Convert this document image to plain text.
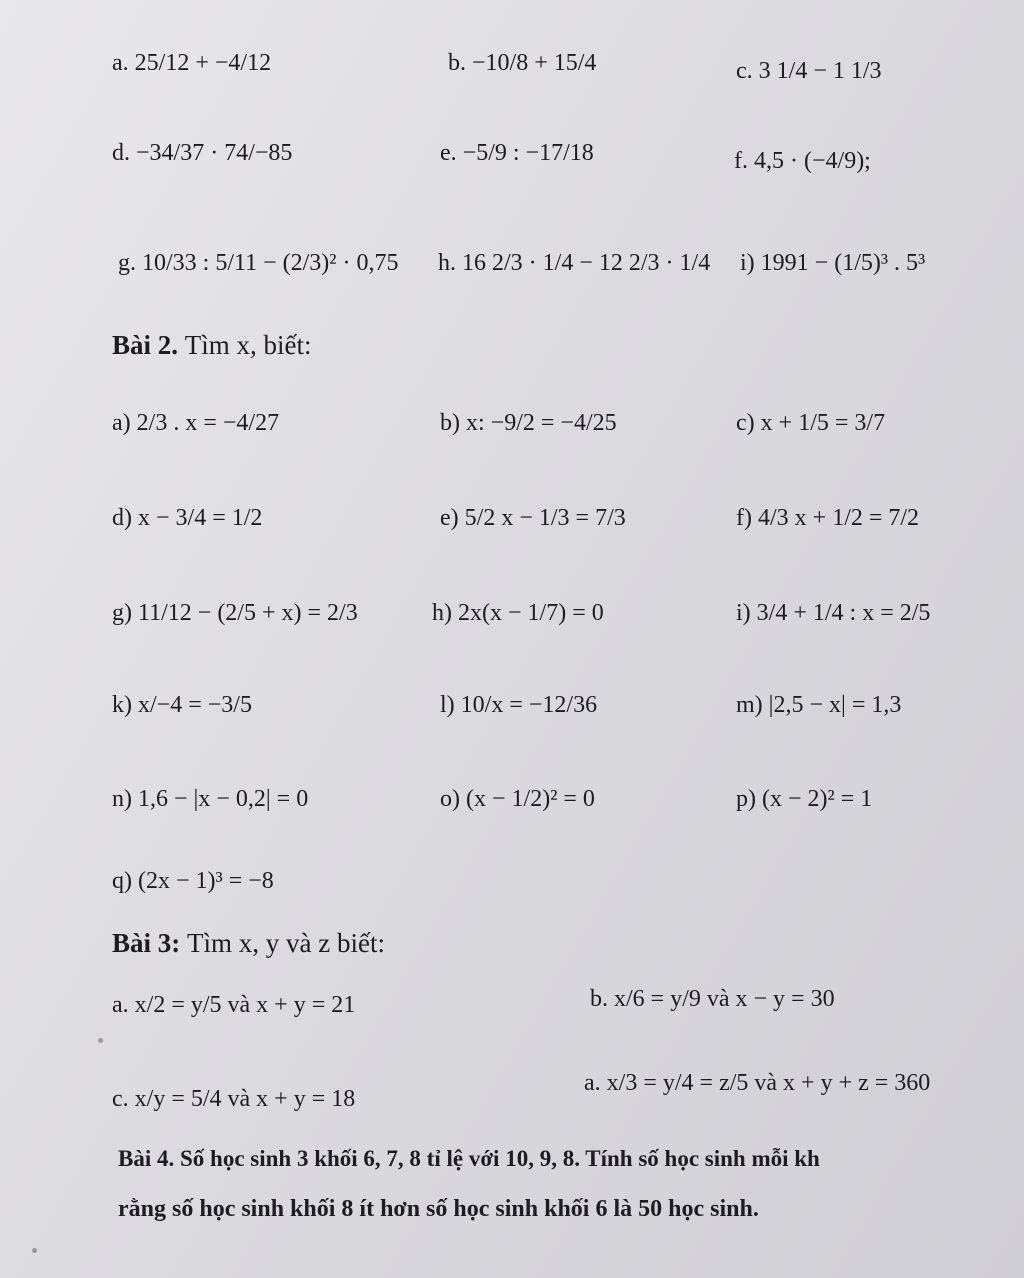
a. 25/12 + −4/12	b. −10/8 + 15/4	c. 3 1/4 − 1 1/3
d. −34/37 · 74/−85	e. −5/9 : −17/18	f. 4,5 · (−4/9);
g. 10/33 : 5/11 − (2/3)² · 0,75 h. 16 2/3 · 1/4 − 12 2/3 · 1/4 i) 1991 − (1/5)³ . 5³
Bài 2. Tìm x, biết:
a) 2/3 . x = −4/27	b) x: −9/2 = −4/25	c) x + 1/5 = 3/7
d) x − 3/4 = 1/2	e) 5/2 x − 1/3 = 7/3	f) 4/3 x + 1/2 = 7/2
g) 11/12 − (2/5 + x) = 2/3	h) 2x(x − 1/7) = 0	i) 3/4 + 1/4 : x = 2/5
k) x/−4 = −3/5	l) 10/x = −12/36	m) |2,5 − x| = 1,3
n) 1,6 − |x − 0,2| = 0	o) (x − 1/2)² = 0	p) (x − 2)² = 1
q) (2x − 1)³ = −8
Bài 3: Tìm x, y và z biết:
a. x/2 = y/5 và x + y = 21	b. x/6 = y/9 và x − y = 30
c. x/y = 5/4 và x + y = 18
a. x/3 = y/4 = z/5 và x + y + z = 360
Bài 4. Số học sinh 3 khối 6, 7, 8 tỉ lệ với 10, 9, 8. Tính số học sinh mỗi kh
rằng số học sinh khối 8 ít hơn số học sinh khối 6 là 50 học sinh.
